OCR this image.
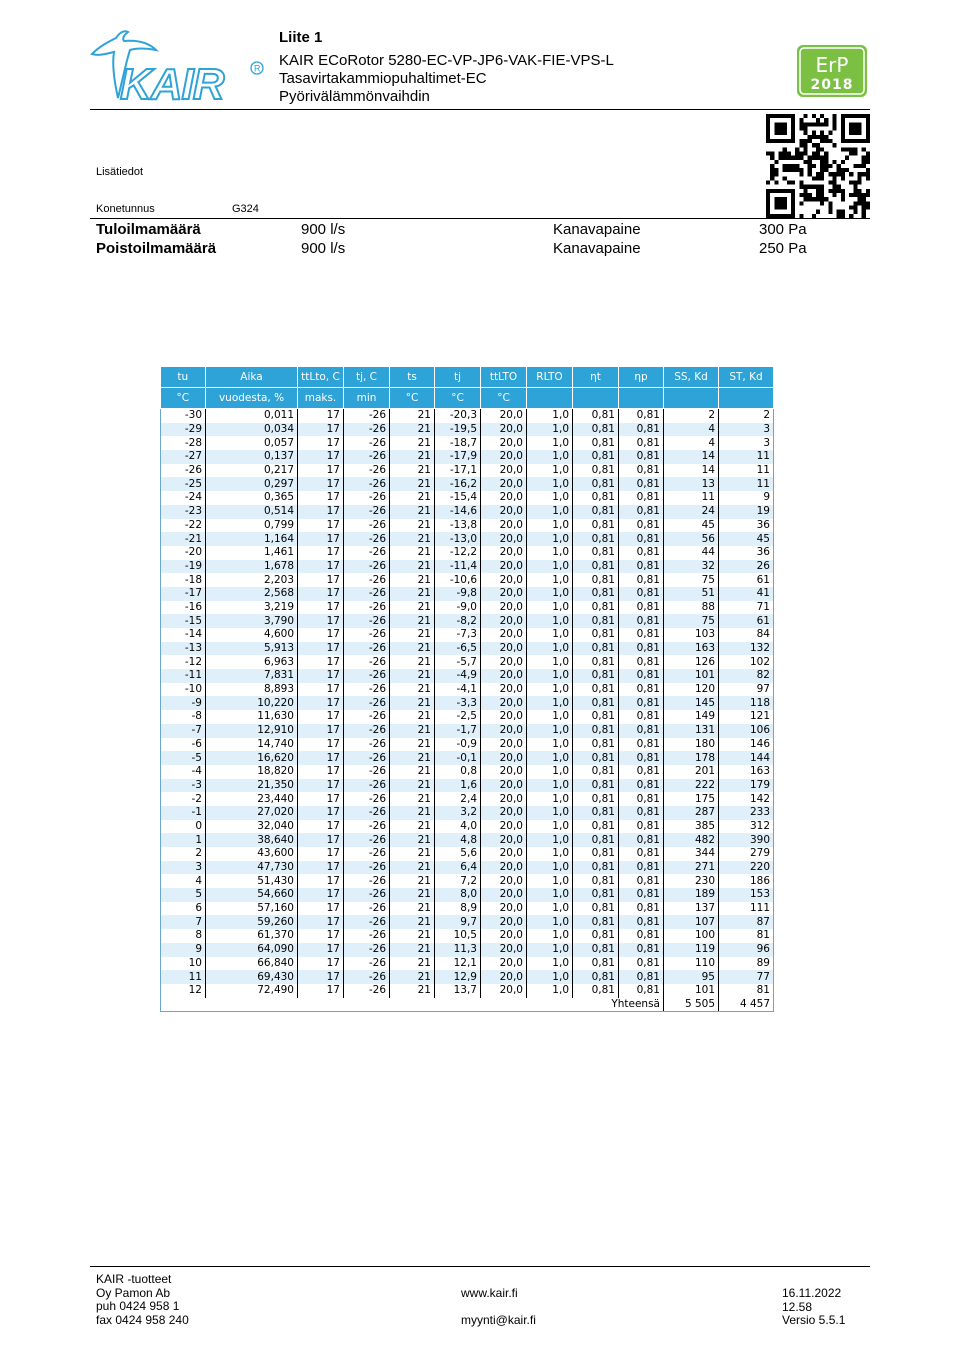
KAIR	R
Liite 1
KAIR ECoRotor 5280-EC-VP-JP6-VAK-FIE-VPS-L
Tasavirtakammiopuhaltimet-EC
Pyörivälämmönvaihdin
ErP
2018
Lisätiedot
Konetunnus	G324
Tuloilmamäärä	900 l/s	Kanavapaine	300 Pa
Poistoilmamäärä	900 l/s	Kanavapaine	250 Pa
tu	Aika	ttLto, C	tj, C	ts	tj	ttLTO	RLTO	ηt	ηp	SS, Kd	ST, Kd
°C	vuodesta, %	maks.	min	°C	°C	°C					
-30	0,011	17	-26	21	-20,3	20,0	1,0	0,81	0,81	2	2
-29	0,034	17	-26	21	-19,5	20,0	1,0	0,81	0,81	4	3
-28	0,057	17	-26	21	-18,7	20,0	1,0	0,81	0,81	4	3
-27	0,137	17	-26	21	-17,9	20,0	1,0	0,81	0,81	14	11
-26	0,217	17	-26	21	-17,1	20,0	1,0	0,81	0,81	14	11
-25	0,297	17	-26	21	-16,2	20,0	1,0	0,81	0,81	13	11
-24	0,365	17	-26	21	-15,4	20,0	1,0	0,81	0,81	11	9
-23	0,514	17	-26	21	-14,6	20,0	1,0	0,81	0,81	24	19
-22	0,799	17	-26	21	-13,8	20,0	1,0	0,81	0,81	45	36
-21	1,164	17	-26	21	-13,0	20,0	1,0	0,81	0,81	56	45
-20	1,461	17	-26	21	-12,2	20,0	1,0	0,81	0,81	44	36
-19	1,678	17	-26	21	-11,4	20,0	1,0	0,81	0,81	32	26
-18	2,203	17	-26	21	-10,6	20,0	1,0	0,81	0,81	75	61
-17	2,568	17	-26	21	-9,8	20,0	1,0	0,81	0,81	51	41
-16	3,219	17	-26	21	-9,0	20,0	1,0	0,81	0,81	88	71
-15	3,790	17	-26	21	-8,2	20,0	1,0	0,81	0,81	75	61
-14	4,600	17	-26	21	-7,3	20,0	1,0	0,81	0,81	103	84
-13	5,913	17	-26	21	-6,5	20,0	1,0	0,81	0,81	163	132
-12	6,963	17	-26	21	-5,7	20,0	1,0	0,81	0,81	126	102
-11	7,831	17	-26	21	-4,9	20,0	1,0	0,81	0,81	101	82
-10	8,893	17	-26	21	-4,1	20,0	1,0	0,81	0,81	120	97
-9	10,220	17	-26	21	-3,3	20,0	1,0	0,81	0,81	145	118
-8	11,630	17	-26	21	-2,5	20,0	1,0	0,81	0,81	149	121
-7	12,910	17	-26	21	-1,7	20,0	1,0	0,81	0,81	131	106
-6	14,740	17	-26	21	-0,9	20,0	1,0	0,81	0,81	180	146
-5	16,620	17	-26	21	-0,1	20,0	1,0	0,81	0,81	178	144
-4	18,820	17	-26	21	0,8	20,0	1,0	0,81	0,81	201	163
-3	21,350	17	-26	21	1,6	20,0	1,0	0,81	0,81	222	179
-2	23,440	17	-26	21	2,4	20,0	1,0	0,81	0,81	175	142
-1	27,020	17	-26	21	3,2	20,0	1,0	0,81	0,81	287	233
0	32,040	17	-26	21	4,0	20,0	1,0	0,81	0,81	385	312
1	38,640	17	-26	21	4,8	20,0	1,0	0,81	0,81	482	390
2	43,600	17	-26	21	5,6	20,0	1,0	0,81	0,81	344	279
3	47,730	17	-26	21	6,4	20,0	1,0	0,81	0,81	271	220
4	51,430	17	-26	21	7,2	20,0	1,0	0,81	0,81	230	186
5	54,660	17	-26	21	8,0	20,0	1,0	0,81	0,81	189	153
6	57,160	17	-26	21	8,9	20,0	1,0	0,81	0,81	137	111
7	59,260	17	-26	21	9,7	20,0	1,0	0,81	0,81	107	87
8	61,370	17	-26	21	10,5	20,0	1,0	0,81	0,81	100	81
9	64,090	17	-26	21	11,3	20,0	1,0	0,81	0,81	119	96
10	66,840	17	-26	21	12,1	20,0	1,0	0,81	0,81	110	89
11	69,430	17	-26	21	12,9	20,0	1,0	0,81	0,81	95	77
12	72,490	17	-26	21	13,7	20,0	1,0	0,81	0,81	101	81
Yhteensä										5 505	4 457
KAIR -tuotteet
Oy Pamon Ab
puh 0424 958 1
fax 0424 958 240
www.kair.fi
myynti@kair.fi
16.11.2022
12.58
Versio 5.5.1
